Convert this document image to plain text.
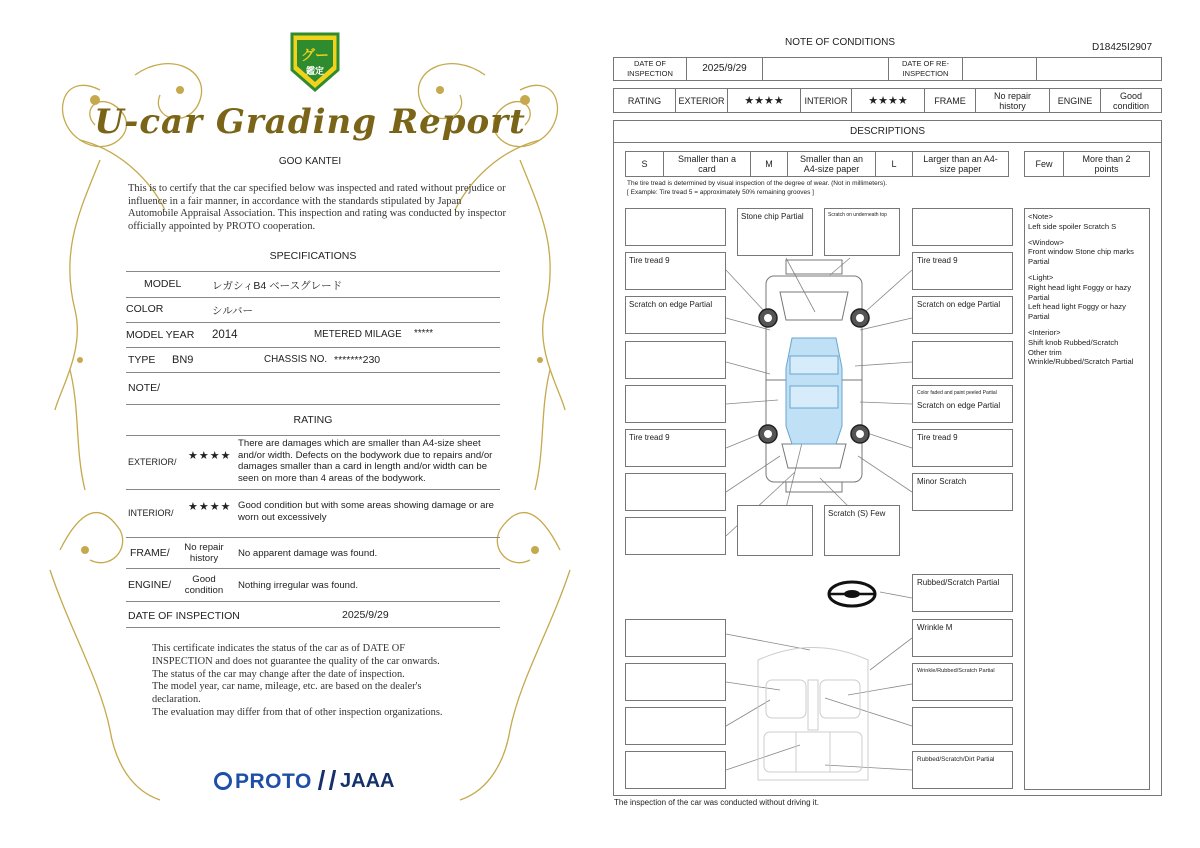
グー
鑑定
U-car Grading Report
GOO KANTEI
This is to certify that the car specified below was inspected and rated without prejudice or influence in a fair manner, in accordance with the standards stipulated by Japan Automobile Appraisal Association. This inspection and rating was conducted by inspector officially appointed by PROTO cooperation.
SPECIFICATIONS
MODEL	レガシィB4 ベースグレード
COLOR	シルバー
MODEL YEAR 2014	METERED MILAGE *****
TYPE BN9	CHASSIS NO. *******230
NOTE/
RATING
EXTERIOR/ ★★★★
There are damages which are smaller than A4-size sheet and/or width. Defects on the bodywork due to repairs and/or damages smaller than a card in length and/or width can be seen on more than 4 areas of the bodywork.
INTERIOR/ ★★★★ Good condition but with some areas showing damage or are worn out excessively
FRAME/	No repair history	No apparent damage was found.
ENGINE/	Good condition	Nothing irregular was found.
DATE OF INSPECTION	2025/9/29
This certificate indicates the status of the car as of DATE OF
INSPECTION and does not guarantee the quality of the car onwards.
The status of the car may change after the date of inspection.
The model year, car name, mileage, etc. are based on the dealer's
declaration.
The evaluation may differ from that of other inspection organizations.
PROTO	JAAA
NOTE OF CONDITIONS	D18425I2907
DATE OF INSPECTION	2025/9/29	DATE OF RE-INSPECTION
RATING	EXTERIOR	★★★★	INTERIOR	★★★★	FRAME	No repair history	ENGINE	Good condition
DESCRIPTIONS
S	Smaller than a card	M	Smaller than an A4-size paper	L	Larger than an A4-size paper	Few	More than 2 points
The tire tread is determined by visual inspection of the degree of wear. (Not in millimeters).
[ Example: Tire tread 5 = approximately 50% remaining grooves ]
Tire tread 9
Scratch on edge Partial
Tire tread 9
Stone chip Partial	Scratch on underneath top
Scratch (S) Few
Tire tread 9
Scratch on edge Partial
Color faded and paint peeled Partial
Scratch on edge Partial
Tire tread 9
Minor Scratch
Rubbed/Scratch Partial
Wrinkle M
Wrinkle/Rubbed/Scratch Partial
Rubbed/Scratch/Dirt Partial
<Note>
Left side spoiler Scratch S
<Window>
Front window Stone chip marks Partial
<Light>
Right head light Foggy or hazy Partial
Left head light Foggy or hazy Partial
<Interior>
Shift knob Rubbed/Scratch
Other trim
Wrinkle/Rubbed/Scratch Partial
The inspection of the car was conducted without driving it.
